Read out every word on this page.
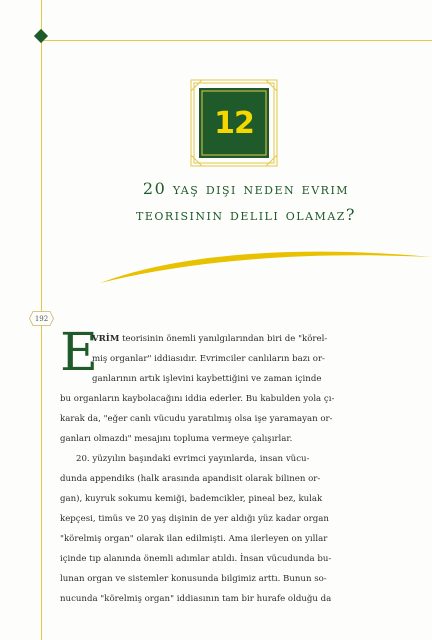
12
20 yaş dişi neden evrim
teorisinin delili olamaz?
192
E
VRİM teorisinin önemli yanılgılarından biri de "körel-
miş organlar" iddiasıdır. Evrimciler canlıların bazı or-
ganlarının artık işlevini kaybettiğini ve zaman içinde
bu organların kaybolacağını iddia ederler. Bu kabulden yola çı-
karak da, "eğer canlı vücudu yaratılmış olsa işe yaramayan or-
ganları olmazdı" mesajını topluma vermeye çalışırlar.
20. yüzyılın başındaki evrimci yayınlarda, insan vücu-
dunda appendiks (halk arasında apandisit olarak bilinen or-
gan), kuyruk sokumu kemiği, bademcikler, pineal bez, kulak
kepçesi, timüs ve 20 yaş dişinin de yer aldığı yüz kadar organ
"körelmiş organ" olarak ilan edilmişti. Ama ilerleyen on yıllar
içinde tıp alanında önemli adımlar atıldı. İnsan vücudunda bu-
lunan organ ve sistemler konusunda bilgimiz arttı. Bunun so-
nucunda "körelmiş organ" iddiasının tam bir hurafe olduğu da
